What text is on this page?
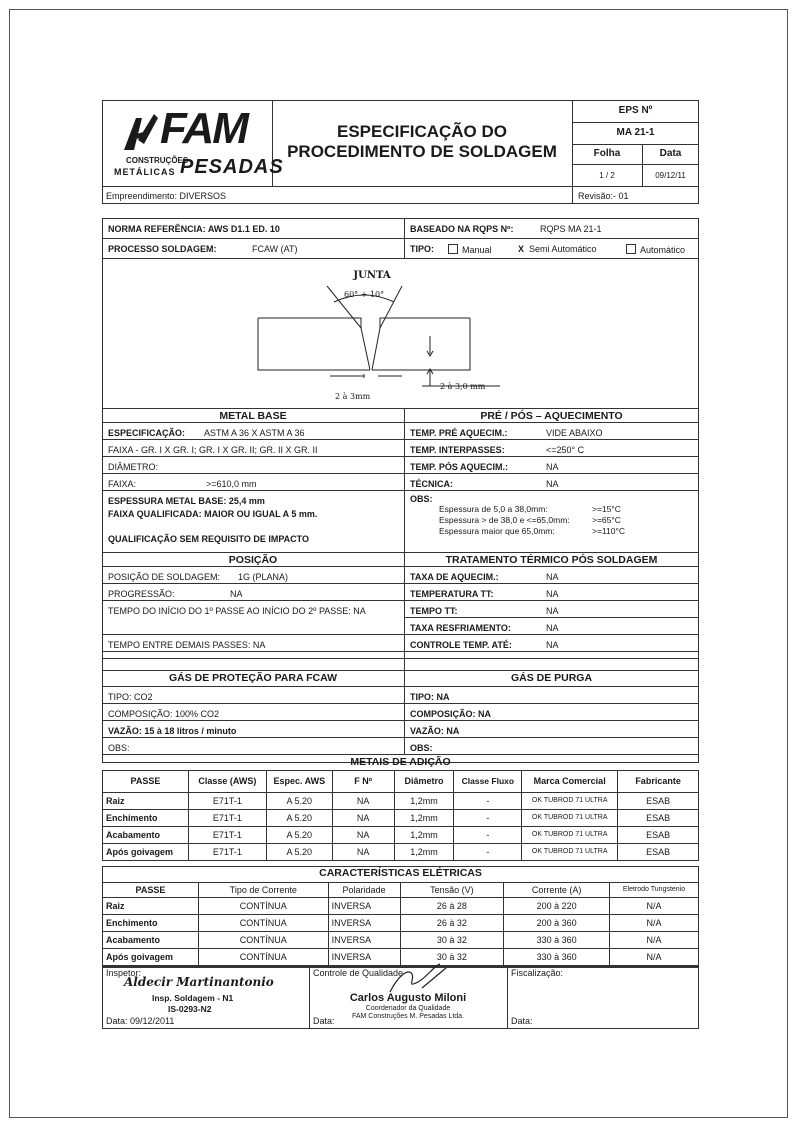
FAM
CONSTRUÇÕES
METÁLICAS PESADAS
ESPECIFICAÇÃO DO
PROCEDIMENTO DE SOLDAGEM
EPS Nº
MA 21-1
Folha	Data
1 / 2	09/12/11
Empreendimento: DIVERSOS	Revisão:- 01
NORMA REFERÊNCIA: AWS D1.1 ED. 10	BASEADO NA RQPS Nº:	RQPS MA 21-1
PROCESSO SOLDAGEM:	FCAW (AT)	TIPO:	Manual	X Semi Automático	Automático
JUNTA
60° + 10°
2 à 3mm
2 à 3,0 mm
METAL BASE	PRÉ / PÓS – AQUECIMENTO
ESPECIFICAÇÃO: ASTM A 36 X ASTM A 36
FAIXA - GR. I X GR. I; GR. I X GR. II; GR. II X GR. II
DIÂMETRO:
FAIXA:	>=610,0 mm
ESPESSURA METAL BASE: 25,4 mm
FAIXA QUALIFICADA: MAIOR OU IGUAL A 5 mm.
QUALIFICAÇÃO SEM REQUISITO DE IMPACTO
TEMP. PRÉ AQUECIM.:	VIDE ABAIXO
TEMP. INTERPASSES:	<=250° C
TEMP. PÓS AQUECIM.:	NA
TÉCNICA:	NA
OBS:
Espessura de 5,0 a 38,0mm:	>=15°C
Espessura > de 38,0 e <=65,0mm:	>=65°C
Espessura maior que 65,0mm:	>=110°C
POSIÇÃO	TRATAMENTO TÉRMICO PÓS SOLDAGEM
POSIÇÃO DE SOLDAGEM: 1G (PLANA)
PROGRESSÃO:	NA
TEMPO DO INÍCIO DO 1º PASSE AO INÍCIO DO 2º PASSE: NA
TEMPO ENTRE DEMAIS PASSES: NA
TAXA DE AQUECIM.:	NA
TEMPERATURA TT:	NA
TEMPO TT:	NA
TAXA RESFRIAMENTO:	NA
CONTROLE TEMP. ATÉ:	NA
GÁS DE PROTEÇÃO PARA FCAW	GÁS DE PURGA
TIPO: CO2
COMPOSIÇÃO: 100% CO2
VAZÃO: 15 à 18 litros / minuto
OBS:
TIPO: NA
COMPOSIÇÃO: NA
VAZÃO: NA
OBS:
METAIS DE ADIÇÃO
PASSE	Classe (AWS)	Espec. AWS	F Nº	Diâmetro	Classe Fluxo	Marca Comercial	Fabricante
Raiz	E71T-1	A 5.20	NA	1,2mm	-	OK TUBROD 71 ULTRA	ESAB
Enchimento	E71T-1	A 5.20	NA	1,2mm	-	OK TUBROD 71 ULTRA	ESAB
Acabamento	E71T-1	A 5.20	NA	1,2mm	-	OK TUBROD 71 ULTRA	ESAB
Após goivagem	E71T-1	A 5.20	NA	1,2mm	-	OK TUBROD 71 ULTRA	ESAB
CARACTERÍSTICAS ELÉTRICAS
PASSE	Tipo de Corrente	Polaridade	Tensão (V)	Corrente (A)	Eletrodo Tungstenio
Raiz	CONTÍNUA	INVERSA	26 à 28	200 à 220	N/A
Enchimento	CONTÍNUA	INVERSA	26 à 32	200 à 360	N/A
Acabamento	CONTÍNUA	INVERSA	30 à 32	330 à 360	N/A
Após goivagem	CONTÍNUA	INVERSA	30 à 32	330 à 360	N/A
Inspetor:
Aldecir Martinantonio
Insp. Soldagem - N1
IS-0293-N2
Data: 09/12/2011
Controle de Qualidade
Carlos Augusto Miloni
Coordenador da Qualidade
FAM Construções M. Pesadas Ltda.
Data:
Fiscalização:
Data:
